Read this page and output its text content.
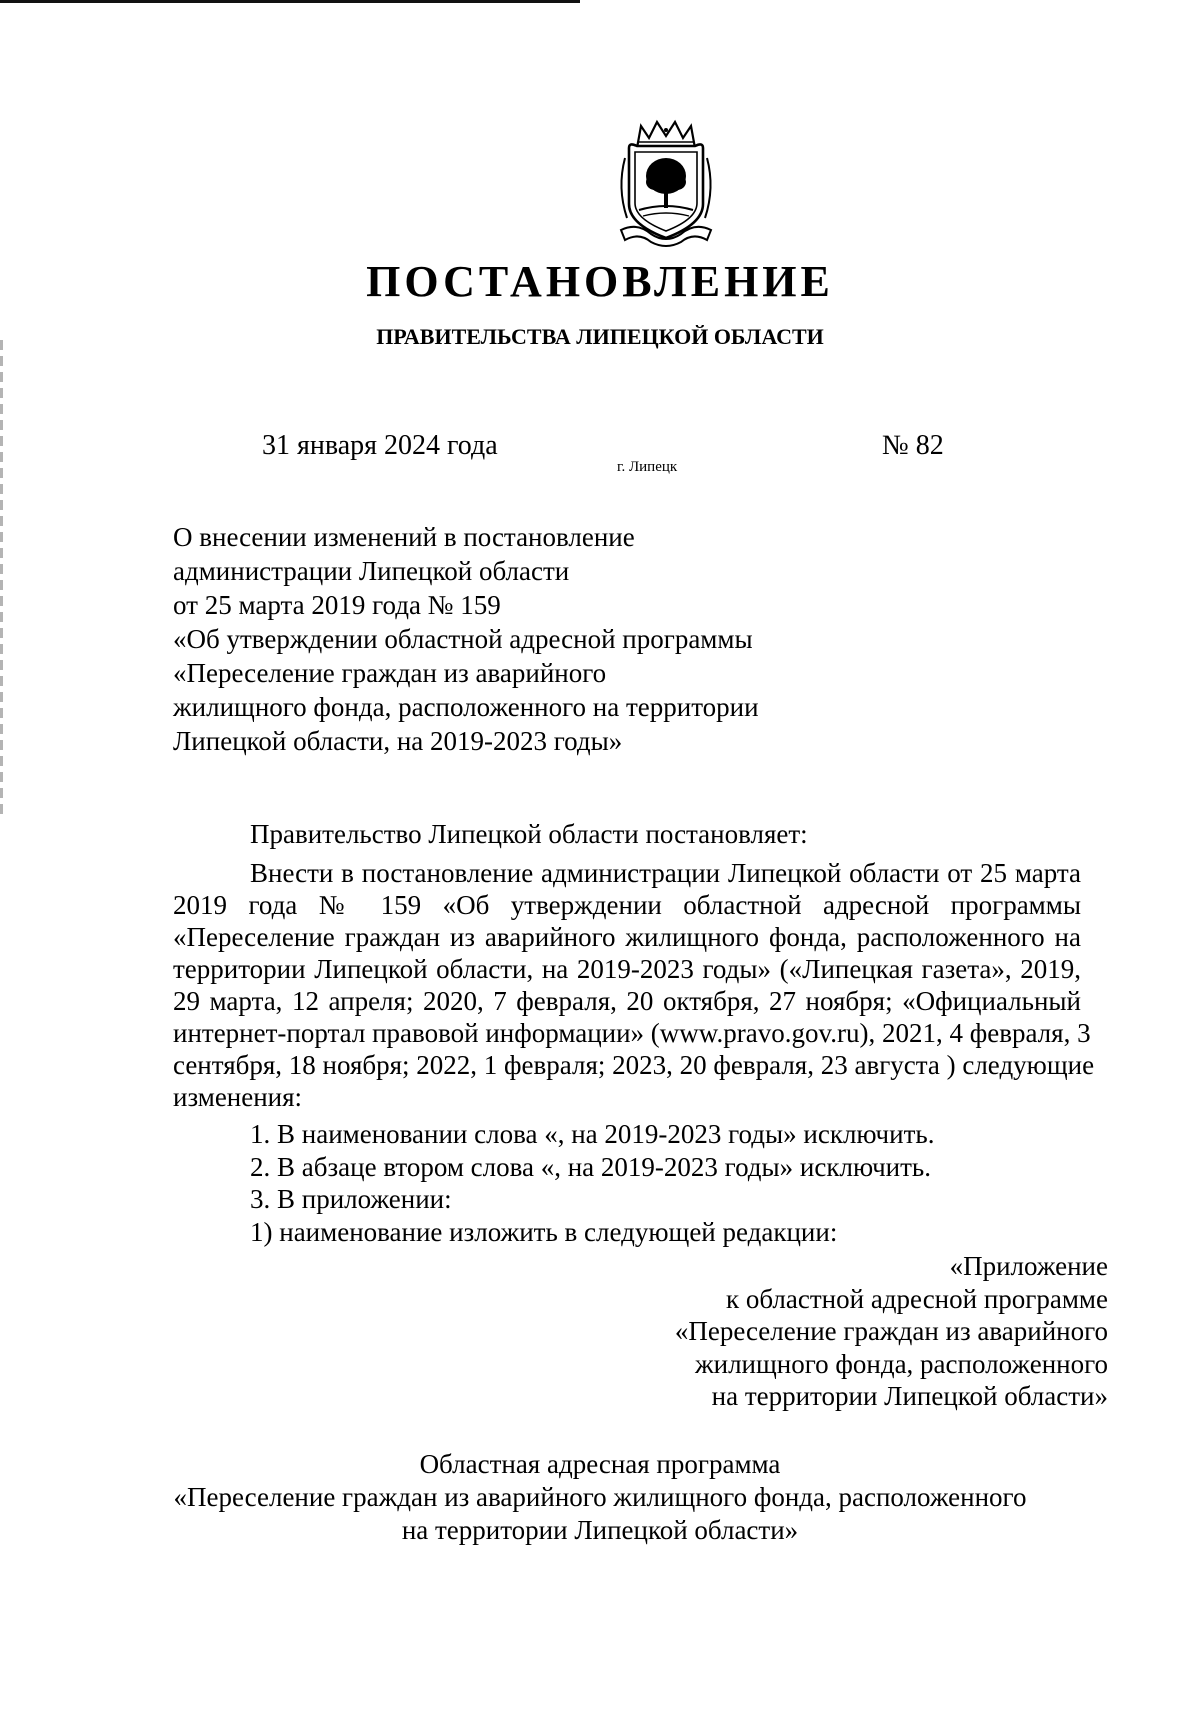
ПОСТАНОВЛЕНИЕ
ПРАВИТЕЛЬСТВА ЛИПЕЦКОЙ ОБЛАСТИ
31 января 2024 года
г. Липецк
№ 82
О внесении изменений в постановление
администрации Липецкой области
от 25 марта 2019 года № 159
«Об утверждении областной адресной программы
«Переселение граждан из аварийного
жилищного фонда, расположенного на территории
Липецкой области, на 2019-2023 годы»
Правительство Липецкой области постановляет:
Внести в постановление администрации Липецкой области от 25 марта
2019 года № 159 «Об утверждении областной адресной программы
«Переселение граждан из аварийного жилищного фонда, расположенного на
территории Липецкой области, на 2019-2023 годы» («Липецкая газета», 2019,
29 марта, 12 апреля; 2020, 7 февраля, 20 октября, 27 ноября; «Официальный
интернет-портал правовой информации» (www.pravo.gov.ru), 2021, 4 февраля, 3
сентября, 18 ноября; 2022, 1 февраля; 2023, 20 февраля, 23 августа ) следующие
изменения:
1. В наименовании слова «, на 2019-2023 годы» исключить.
2. В абзаце втором слова «, на 2019-2023 годы» исключить.
3. В приложении:
1) наименование изложить в следующей редакции:
«Приложение
к областной адресной программе
«Переселение граждан из аварийного
жилищного фонда, расположенного
на территории Липецкой области»
Областная адресная программа
«Переселение граждан из аварийного жилищного фонда, расположенного
на территории Липецкой области»
